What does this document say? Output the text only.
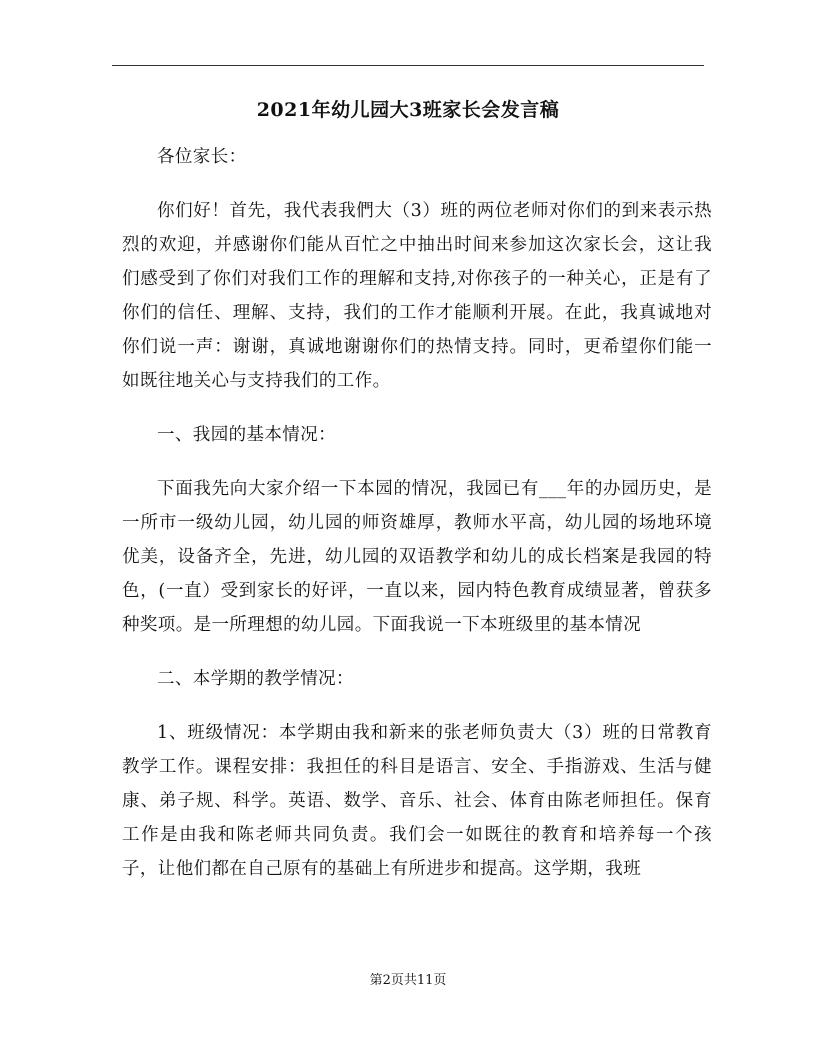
2021年幼儿园大3班家长会发言稿

各位家长：

你们好！首先，我代表我們大（3）班的两位老师对你们的到来表示热烈的欢迎，并感谢你们能从百忙之中抽出时间来参加这次家长会，这让我们感受到了你们对我们工作的理解和支持,对你孩子的一种关心，正是有了你们的信任、理解、支持，我们的工作才能顺利开展。在此，我真诚地对你们说一声：谢谢，真诚地谢谢你们的热情支持。同时，更希望你们能一如既往地关心与支持我们的工作。

一、我园的基本情况：

下面我先向大家介绍一下本园的情况，我园已有___年的办园历史，是一所市一级幼儿园，幼儿园的师资雄厚，教师水平高，幼儿园的场地环境优美，设备齐全，先进，幼儿园的双语教学和幼儿的成长档案是我园的特色，(一直）受到家长的好评，一直以来，园内特色教育成绩显著，曾获多种奖项。是一所理想的幼儿园。下面我说一下本班级里的基本情况

二、本学期的教学情况：

1、班级情况：本学期由我和新来的张老师负责大（3）班的日常教育教学工作。课程安排：我担任的科目是语言、安全、手指游戏、生活与健康、弟子规、科学。英语、数学、音乐、社会、体育由陈老师担任。保育工作是由我和陈老师共同负责。我们会一如既往的教育和培养每一个孩子，让他们都在自己原有的基础上有所进步和提高。这学期，我班

第2页共11页
